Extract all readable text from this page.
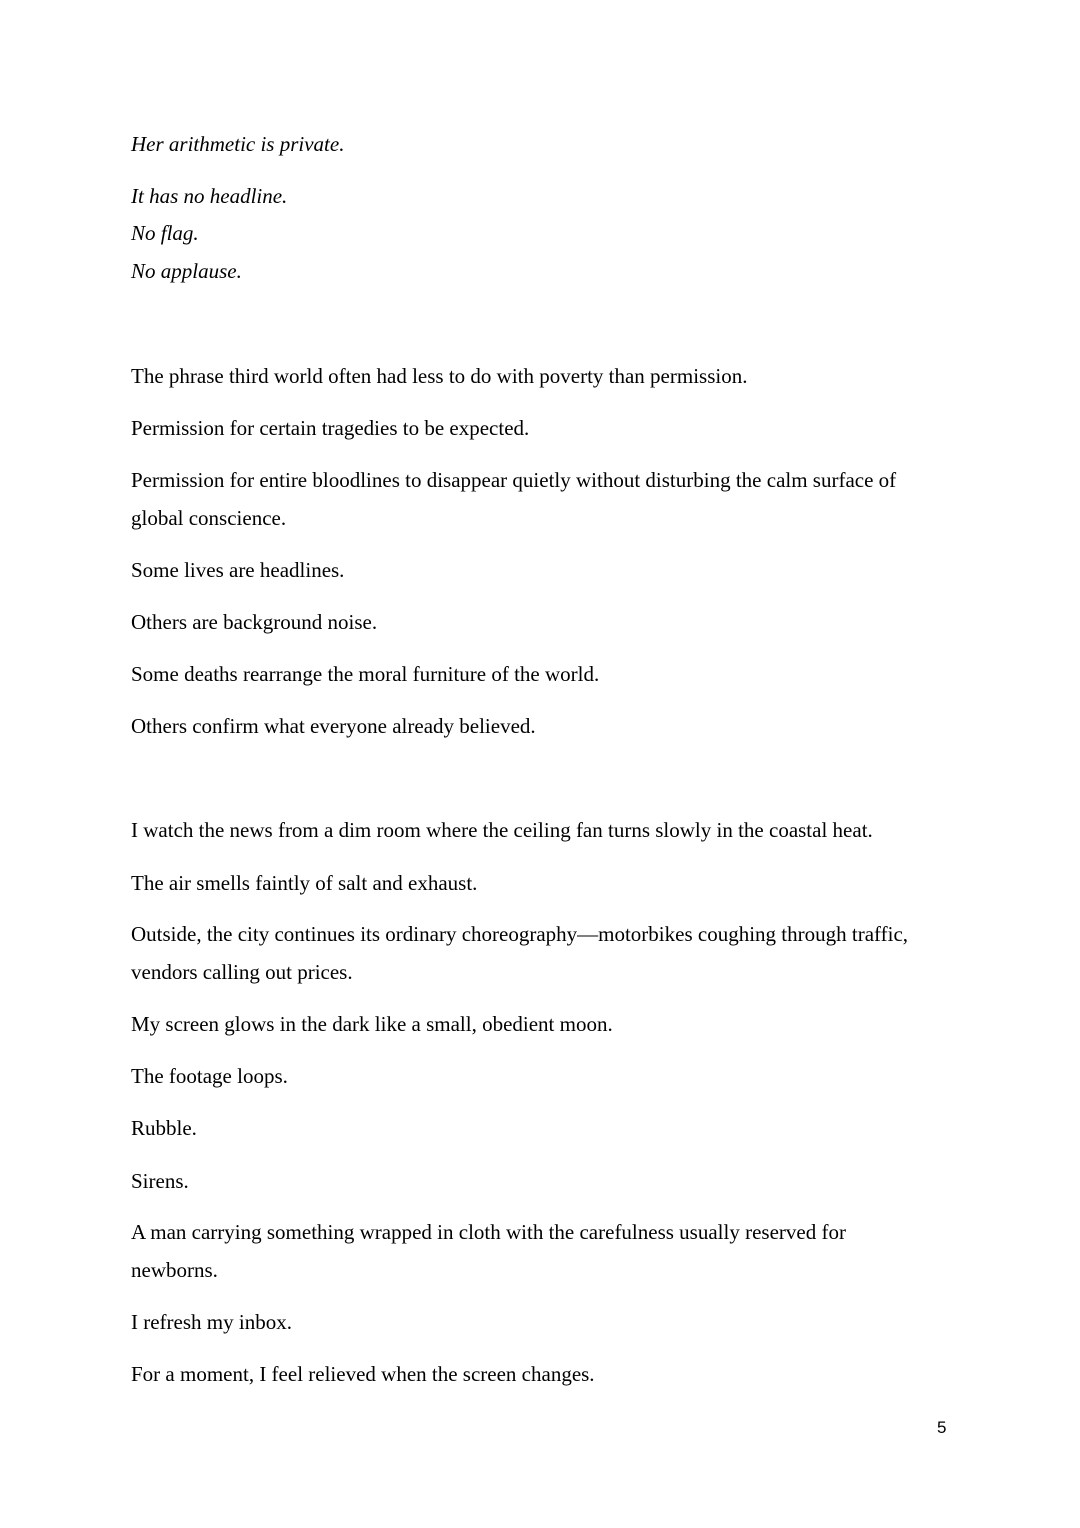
Her arithmetic is private.

It has no headline.

No flag.

No applause.

The phrase third world often had less to do with poverty than permission.

Permission for certain tragedies to be expected.

Permission for entire bloodlines to disappear quietly without disturbing the calm surface of

global conscience.

Some lives are headlines.

Others are background noise.

Some deaths rearrange the moral furniture of the world.

Others confirm what everyone already believed.

I watch the news from a dim room where the ceiling fan turns slowly in the coastal heat.

The air smells faintly of salt and exhaust.

Outside, the city continues its ordinary choreography—motorbikes coughing through traffic,

vendors calling out prices.

My screen glows in the dark like a small, obedient moon.

The footage loops.

Rubble.

Sirens.

A man carrying something wrapped in cloth with the carefulness usually reserved for

newborns.

I refresh my inbox.

For a moment, I feel relieved when the screen changes.

5
